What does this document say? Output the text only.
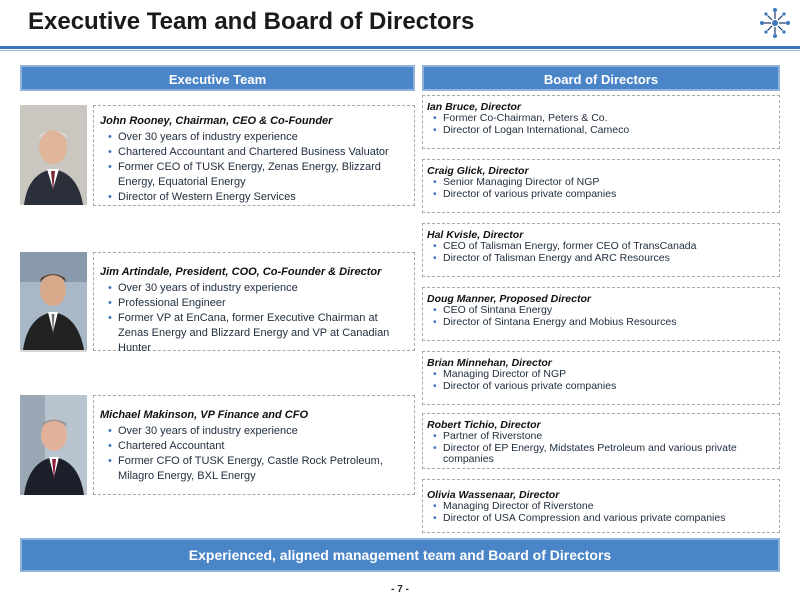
Executive Team and Board of Directors
Executive Team	Board of Directors
John Rooney, Chairman, CEO & Co-Founder
• Over 30 years of industry experience
• Chartered Accountant and Chartered Business Valuator
• Former CEO of TUSK Energy, Zenas Energy, Blizzard Energy, Equatorial Energy
• Director of Western Energy Services
Jim Artindale, President, COO, Co-Founder & Director
• Over 30 years of industry experience
• Professional Engineer
• Former VP at EnCana, former Executive Chairman at Zenas Energy and Blizzard Energy and VP at Canadian Hunter
Michael Makinson, VP Finance and CFO
• Over 30 years of industry experience
• Chartered Accountant
• Former CFO of TUSK Energy, Castle Rock Petroleum, Milagro Energy, BXL Energy
Ian Bruce, Director
• Former Co-Chairman, Peters & Co.
• Director of Logan International, Cameco
Craig Glick, Director
• Senior Managing Director of NGP
• Director of various private companies
Hal Kvisle, Director
• CEO of Talisman Energy, former CEO of TransCanada
• Director of Talisman Energy and ARC Resources
Doug Manner, Proposed Director
• CEO of Sintana Energy
• Director of Sintana Energy and Mobius Resources
Brian Minnehan, Director
• Managing Director of NGP
• Director of various private companies
Robert Tichio, Director
• Partner of Riverstone
• Director of EP Energy, Midstates Petroleum and various private companies
Olivia Wassenaar, Director
• Managing Director of Riverstone
• Director of USA Compression and various private companies
Experienced, aligned management team and Board of Directors
- 7 -
